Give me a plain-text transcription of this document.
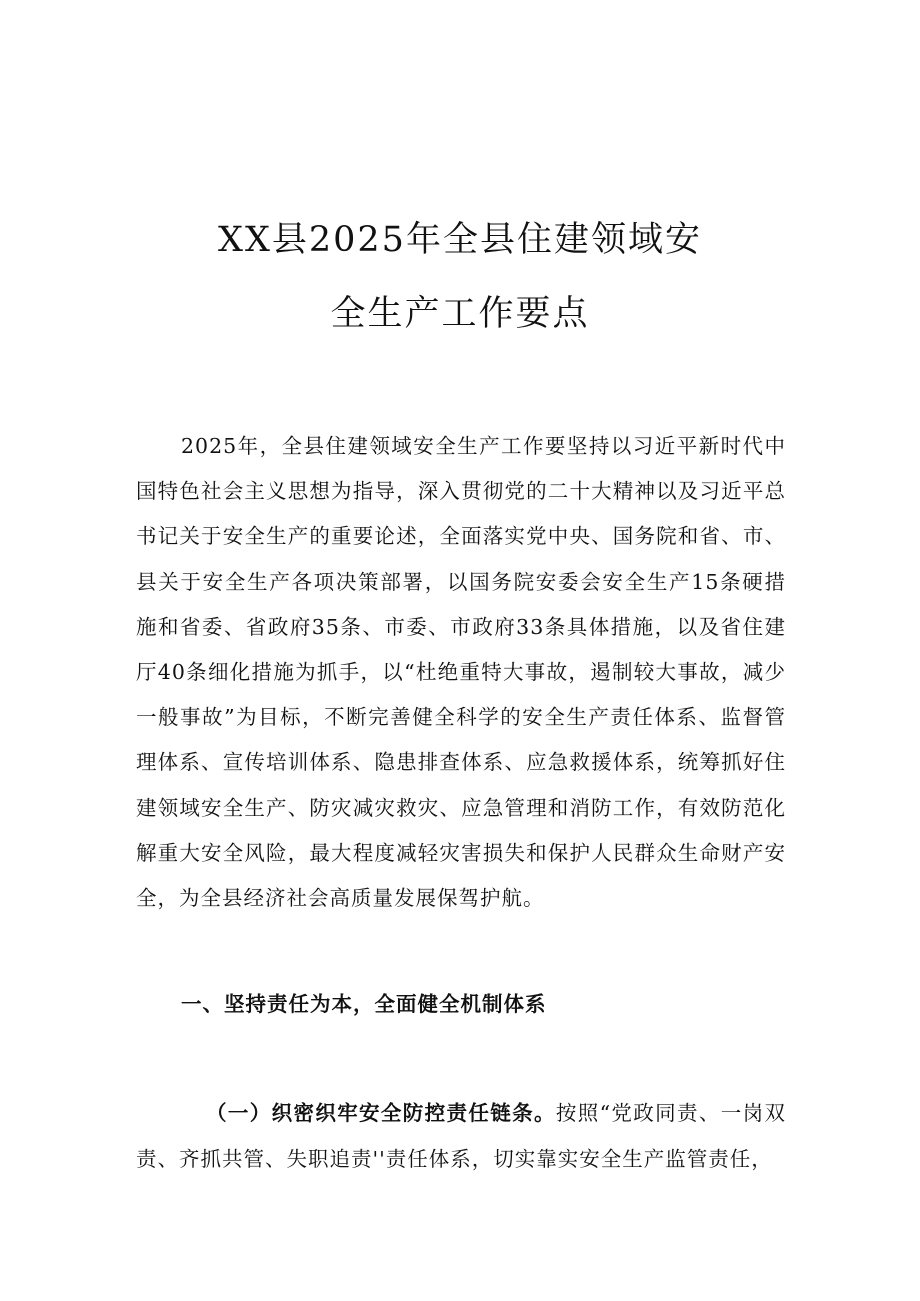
XX县2025年全县住建领域安
全生产工作要点
2025年，全县住建领域安全生产工作要坚持以习近平新时代中国特色社会主义思想为指导，深入贯彻党的二十大精神以及习近平总书记关于安全生产的重要论述，全面落实党中央、国务院和省、市、县关于安全生产各项决策部署，以国务院安委会安全生产15条硬措施和省委、省政府35条、市委、市政府33条具体措施，以及省住建厅40条细化措施为抓手，以“杜绝重特大事故，遏制较大事故，减少一般事故”为目标，不断完善健全科学的安全生产责任体系、监督管理体系、宣传培训体系、隐患排查体系、应急救援体系，统筹抓好住建领域安全生产、防灾减灾救灾、应急管理和消防工作，有效防范化解重大安全风险，最大程度减轻灾害损失和保护人民群众生命财产安全，为全县经济社会高质量发展保驾护航。
一、坚持责任为本，全面健全机制体系
（一）织密织牢安全防控责任链条。按照“党政同责、一岗双责、齐抓共管、失职追责''责任体系，切实靠实安全生产监管责任，
